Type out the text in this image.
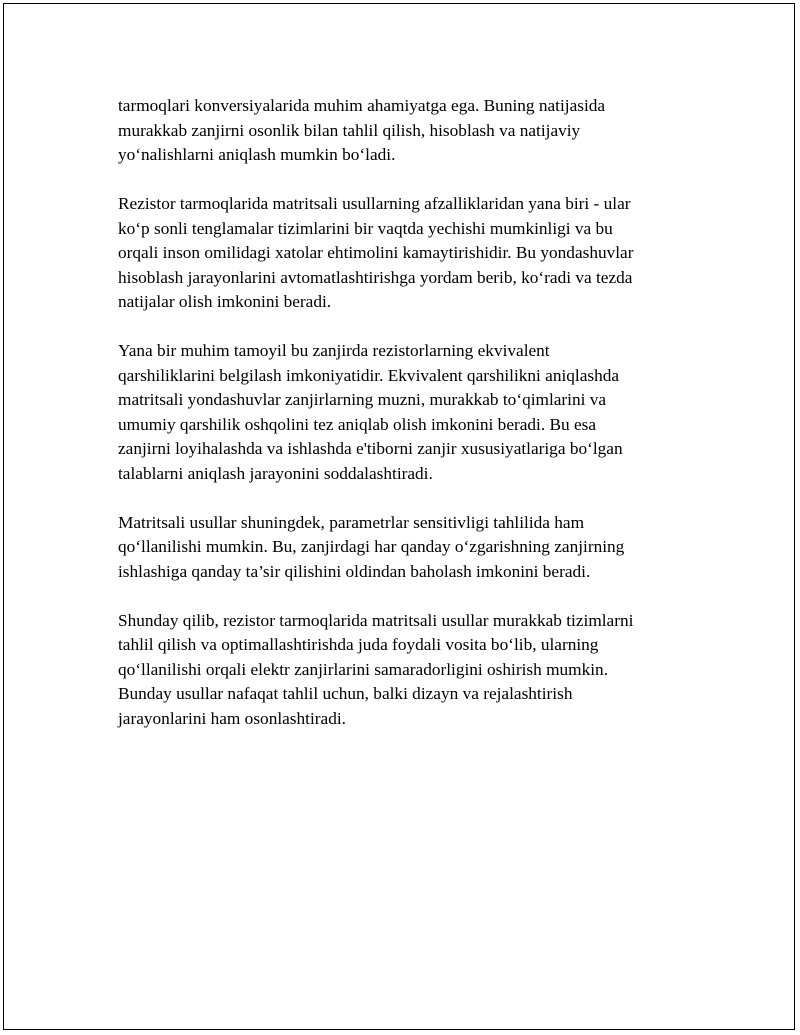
tarmoqlari konversiyalarida muhim ahamiyatga ega. Buning natijasida
murakkab zanjirni osonlik bilan tahlil qilish, hisoblash va natijaviy
yo‘nalishlarni aniqlash mumkin bo‘ladi.

Rezistor tarmoqlarida matritsali usullarning afzalliklaridan yana biri - ular
ko‘p sonli tenglamalar tizimlarini bir vaqtda yechishi mumkinligi va bu
orqali inson omilidagi xatolar ehtimolini kamaytirishidir. Bu yondashuvlar
hisoblash jarayonlarini avtomatlashtirishga yordam berib, ko‘radi va tezda
natijalar olish imkonini beradi.

Yana bir muhim tamoyil bu zanjirda rezistorlarning ekvivalent
qarshiliklarini belgilash imkoniyatidir. Ekvivalent qarshilikni aniqlashda
matritsali yondashuvlar zanjirlarning muzni, murakkab to‘qimlarini va
umumiy qarshilik oshqolini tez aniqlab olish imkonini beradi. Bu esa
zanjirni loyihalashda va ishlashda e'tiborni zanjir xususiyatlariga bo‘lgan
talablarni aniqlash jarayonini soddalashtiradi.

Matritsali usullar shuningdek, parametrlar sensitivligi tahlilida ham
qo‘llanilishi mumkin. Bu, zanjirdagi har qanday o‘zgarishning zanjirning
ishlashiga qanday ta’sir qilishini oldindan baholash imkonini beradi.

Shunday qilib, rezistor tarmoqlarida matritsali usullar murakkab tizimlarni
tahlil qilish va optimallashtirishda juda foydali vosita bo‘lib, ularning
qo‘llanilishi orqali elektr zanjirlarini samaradorligini oshirish mumkin.
Bunday usullar nafaqat tahlil uchun, balki dizayn va rejalashtirish
jarayonlarini ham osonlashtiradi.
